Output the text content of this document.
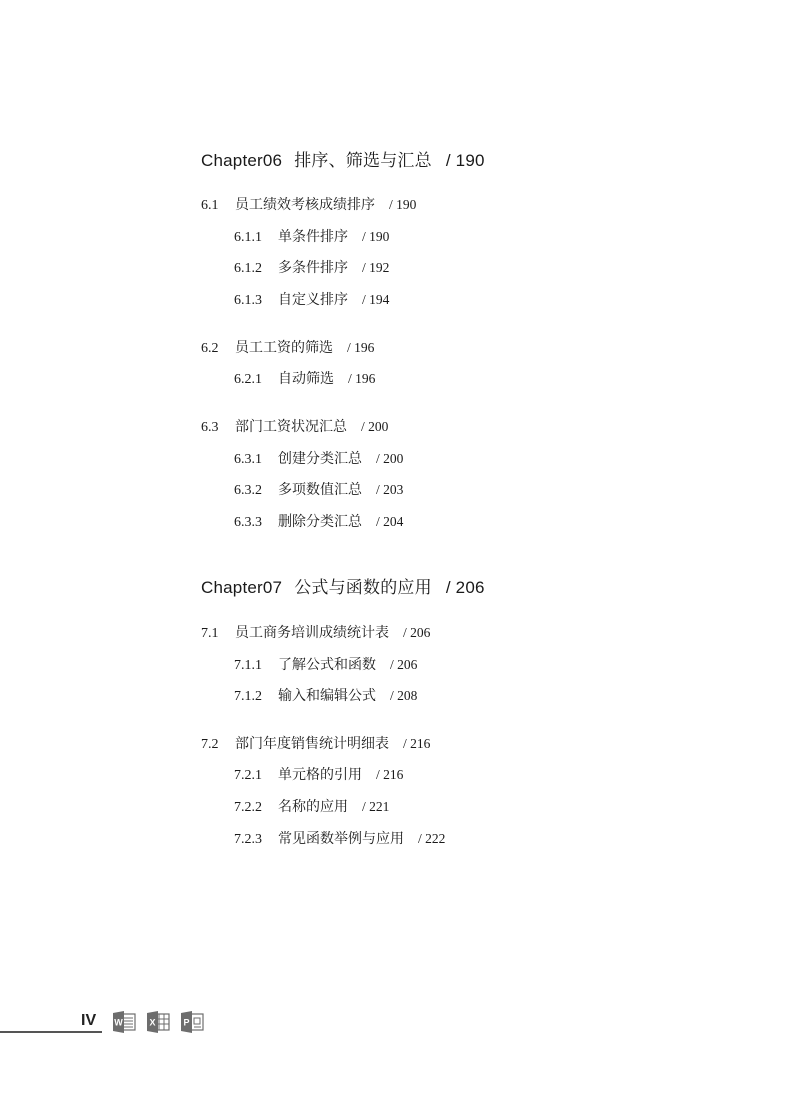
Chapter06 排序、筛选与汇总 / 190
6.1 员工绩效考核成绩排序 / 190
6.1.1 单条件排序 / 190
6.1.2 多条件排序 / 192
6.1.3 自定义排序 / 194
6.2 员工工资的筛选 / 196
6.2.1 自动筛选 / 196
6.3 部门工资状况汇总 / 200
6.3.1 创建分类汇总 / 200
6.3.2 多项数值汇总 / 203
6.3.3 删除分类汇总 / 204
Chapter07 公式与函数的应用 / 206
7.1 员工商务培训成绩统计表 / 206
7.1.1 了解公式和函数 / 206
7.1.2 输入和编辑公式 / 208
7.2 部门年度销售统计明细表 / 216
7.2.1 单元格的引用 / 216
7.2.2 名称的应用 / 221
7.2.3 常见函数举例与应用 / 222
IV W	X	P
